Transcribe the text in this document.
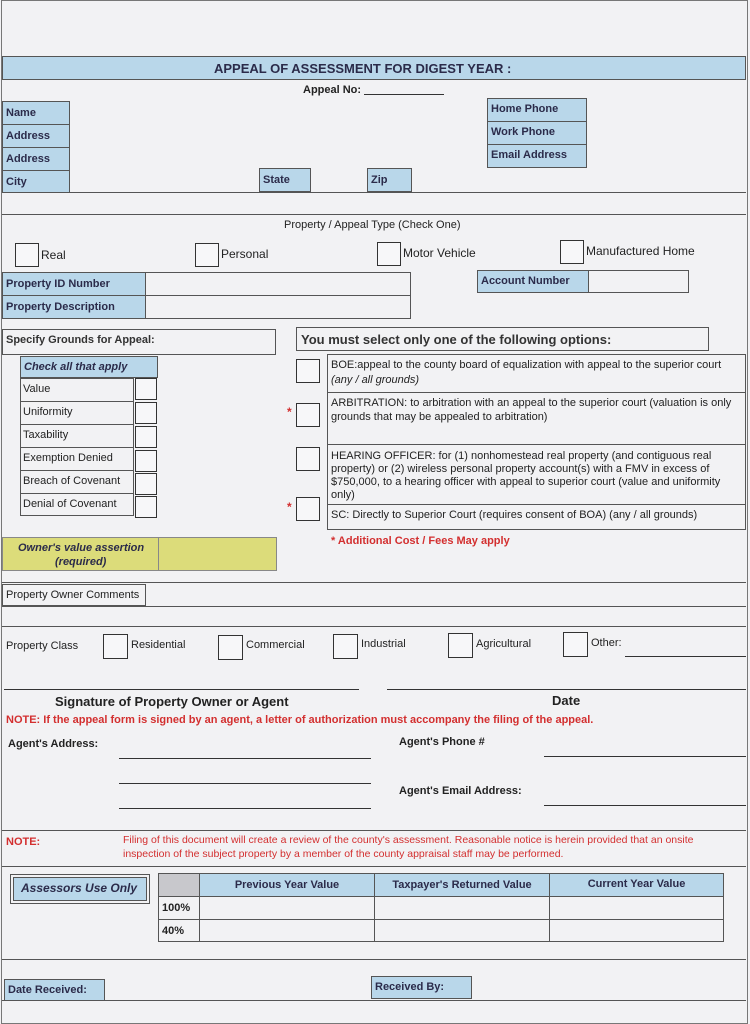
APPEAL OF ASSESSMENT FOR DIGEST YEAR :
Appeal No:
Name
Address
Address
City	State	Zip
Home Phone
Work Phone
Email Address
Property / Appeal Type (Check One)
Real	Personal	Motor Vehicle	Manufactured Home
Property ID Number
Property Description
Account Number
Specify Grounds for Appeal:
Check all that apply
Value
Uniformity
Taxability
Exemption Denied
Breach of Covenant
Denial of Covenant
You must select only one of the following options:
BOE:appeal to the county board of equalization with appeal to the superior court
(any / all grounds)
ARBITRATION: to arbitration with an appeal to the superior court (valuation is only
grounds that may be appealed to arbitration)
HEARING OFFICER: for (1) nonhomestead real property (and contiguous real
property) or (2) wireless personal property account(s) with a FMV in excess of
$750,000, to a hearing officer with appeal to superior court (value and uniformity
only)
SC: Directly to Superior Court (requires consent of BOA) (any / all grounds)
*
*
* Additional Cost / Fees May apply
Owner's value assertion
(required)
Property Owner Comments
Property Class	Residential	Commercial	Industrial	Agricultural	Other:
Signature of Property Owner or Agent	Date
NOTE: If the appeal form is signed by an agent, a letter of authorization must accompany the filing of the appeal.
Agent's Address:	Agent's Phone #
Agent's Email Address:
NOTE:	Filing of this document will create a review of the county's assessment. Reasonable notice is herein provided that an onsite
inspection of the subject property by a member of the county appraisal staff may be performed.
Assessors Use Only	Previous Year Value	Taxpayer's Returned Value	Current Year Value
100%
40%
Date Received:	Received By:
